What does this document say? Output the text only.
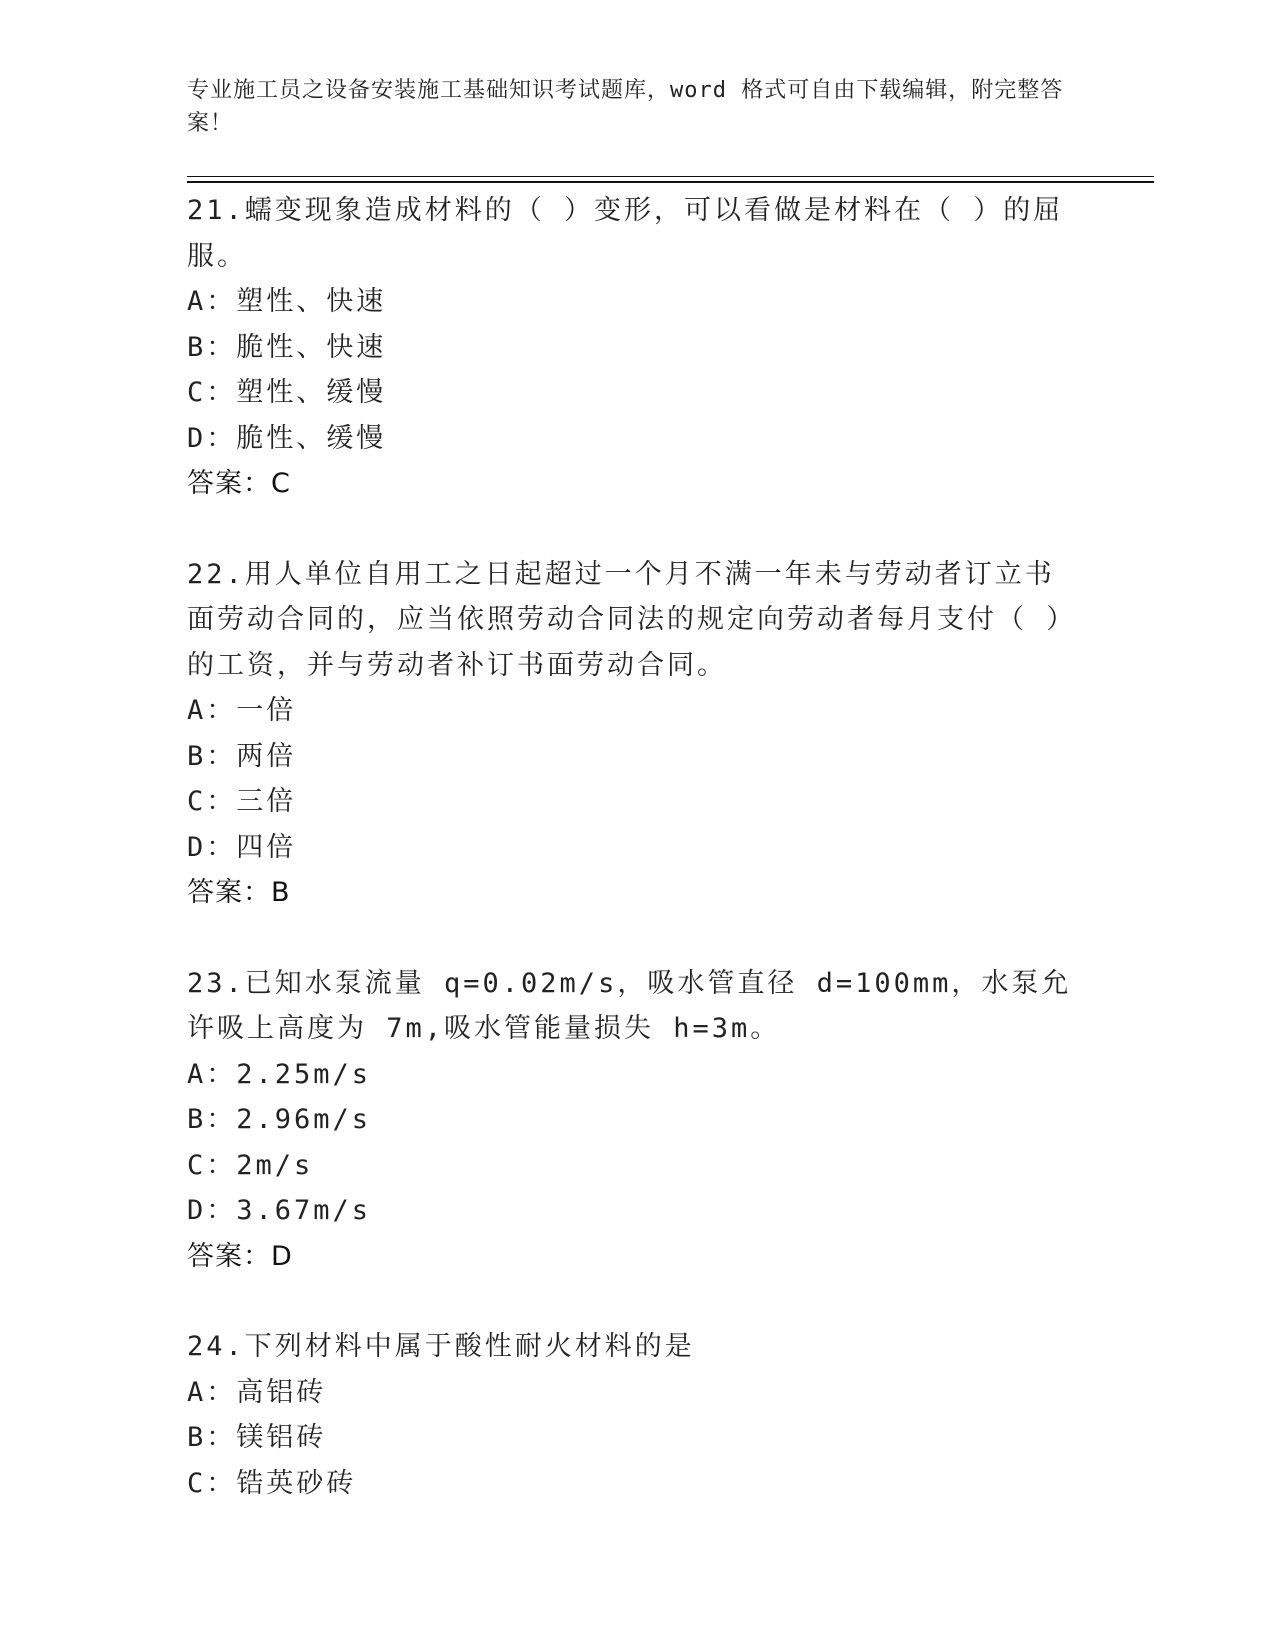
专业施工员之设备安装施工基础知识考试题库，word 格式可自由下载编辑，附完整答案！

21.蠕变现象造成材料的（ ）变形，可以看做是材料在（ ）的屈服。

A：塑性、快速
B：脆性、快速
C：塑性、缓慢
D：脆性、缓慢

答案：C

22.用人单位自用工之日起超过一个月不满一年未与劳动者订立书面劳动合同的，应当依照劳动合同法的规定向劳动者每月支付（ ）的工资，并与劳动者补订书面劳动合同。

A：一倍
B：两倍
C：三倍
D：四倍

答案：B

23.已知水泵流量 q=0.02m/s，吸水管直径 d=100mm，水泵允许吸上高度为 7m,吸水管能量损失 h=3m。

A：2.25m/s
B：2.96m/s
C：2m/s
D：3.67m/s

答案：D

24.下列材料中属于酸性耐火材料的是

A：高铝砖
B：镁铝砖
C：锆英砂砖
